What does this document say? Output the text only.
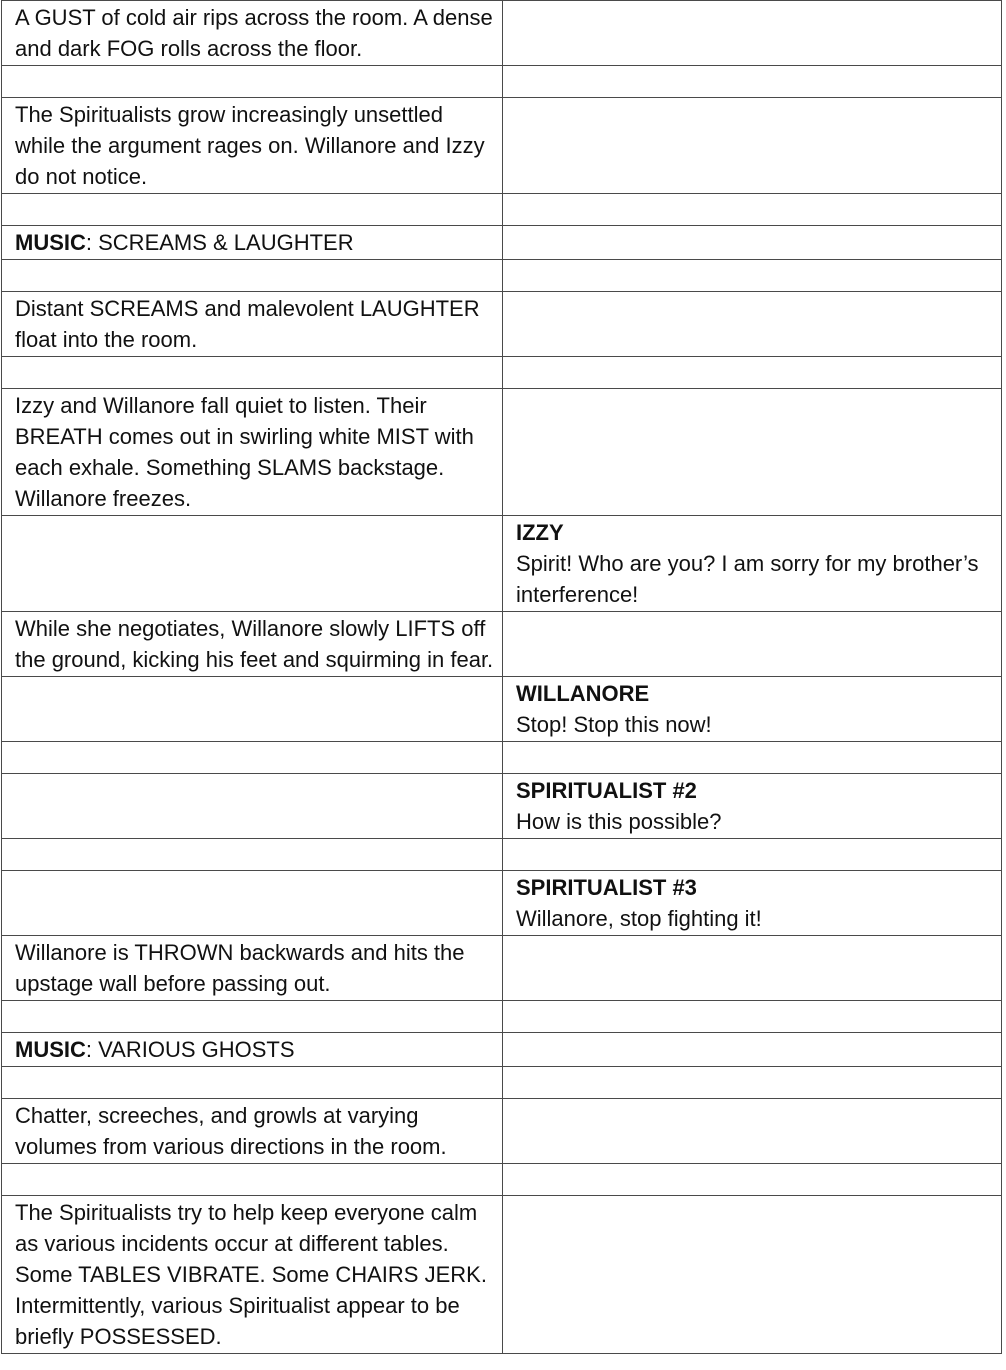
A GUST of cold air rips across the room. A dense and dark FOG rolls across the floor.	

The Spiritualists grow increasingly unsettled while the argument rages on. Willanore and Izzy do not notice.	

MUSIC: SCREAMS & LAUGHTER	

Distant SCREAMS and malevolent LAUGHTER float into the room.	

Izzy and Willanore fall quiet to listen. Their BREATH comes out in swirling white MIST with each exhale. Something SLAMS backstage. Willanore freezes.	

	IZZY
Spirit! Who are you? I am sorry for my brother’s interference!

While she negotiates, Willanore slowly LIFTS off the ground, kicking his feet and squirming in fear.	

	WILLANORE
Stop! Stop this now!

	SPIRITUALIST #2
How is this possible?

	SPIRITUALIST #3
Willanore, stop fighting it!

Willanore is THROWN backwards and hits the upstage wall before passing out.	

MUSIC: VARIOUS GHOSTS	

Chatter, screeches, and growls at varying volumes from various directions in the room.	

The Spiritualists try to help keep everyone calm as various incidents occur at different tables. Some TABLES VIBRATE. Some CHAIRS JERK. Intermittently, various Spiritualist appear to be briefly POSSESSED.	
